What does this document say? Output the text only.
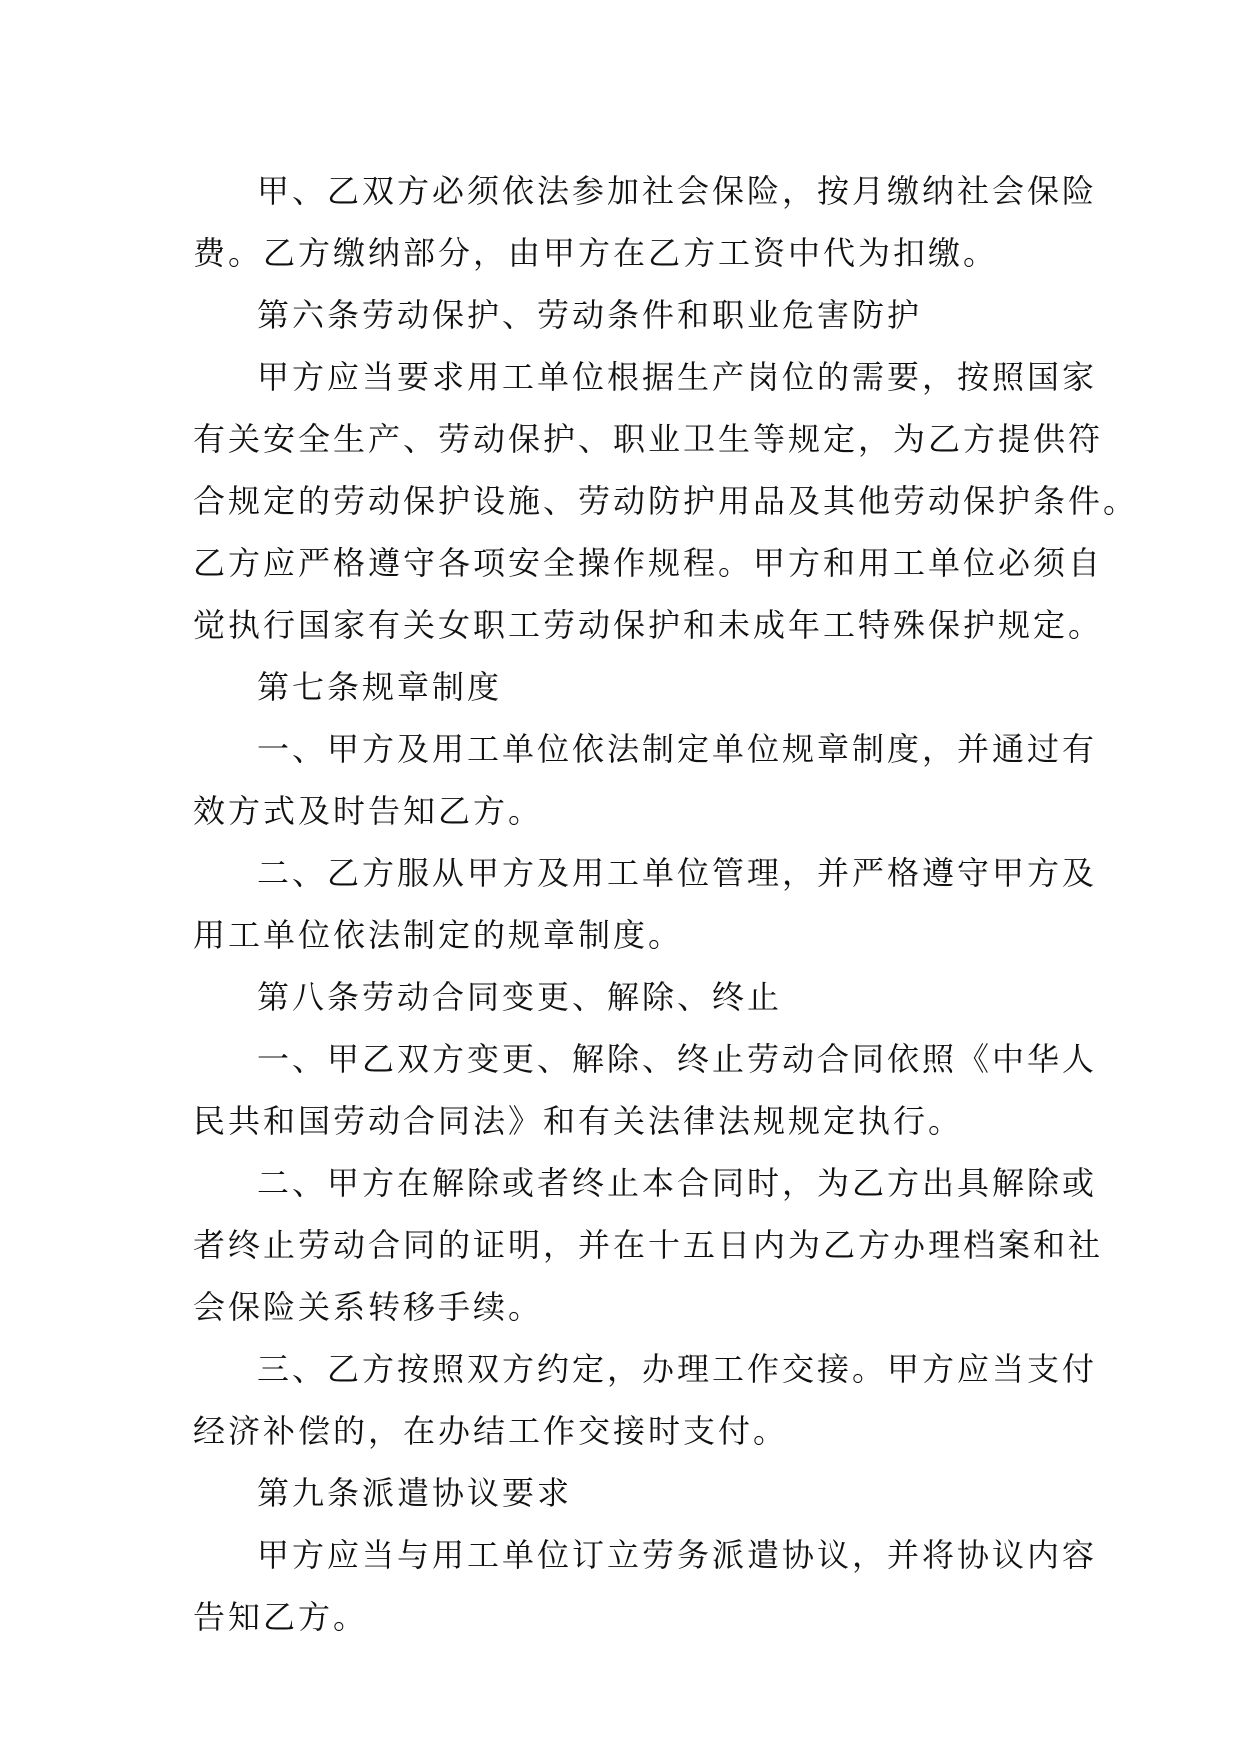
甲、乙双方必须依法参加社会保险，按月缴纳社会保险
费。乙方缴纳部分，由甲方在乙方工资中代为扣缴。
第六条劳动保护、劳动条件和职业危害防护
甲方应当要求用工单位根据生产岗位的需要，按照国家
有关安全生产、劳动保护、职业卫生等规定，为乙方提供符
合规定的劳动保护设施、劳动防护用品及其他劳动保护条件。
乙方应严格遵守各项安全操作规程。甲方和用工单位必须自
觉执行国家有关女职工劳动保护和未成年工特殊保护规定。
第七条规章制度
一、甲方及用工单位依法制定单位规章制度，并通过有
效方式及时告知乙方。
二、乙方服从甲方及用工单位管理，并严格遵守甲方及
用工单位依法制定的规章制度。
第八条劳动合同变更、解除、终止
一、甲乙双方变更、解除、终止劳动合同依照《中华人
民共和国劳动合同法》和有关法律法规规定执行。
二、甲方在解除或者终止本合同时，为乙方出具解除或
者终止劳动合同的证明，并在十五日内为乙方办理档案和社
会保险关系转移手续。
三、乙方按照双方约定，办理工作交接。甲方应当支付
经济补偿的，在办结工作交接时支付。
第九条派遣协议要求
甲方应当与用工单位订立劳务派遣协议，并将协议内容
告知乙方。
